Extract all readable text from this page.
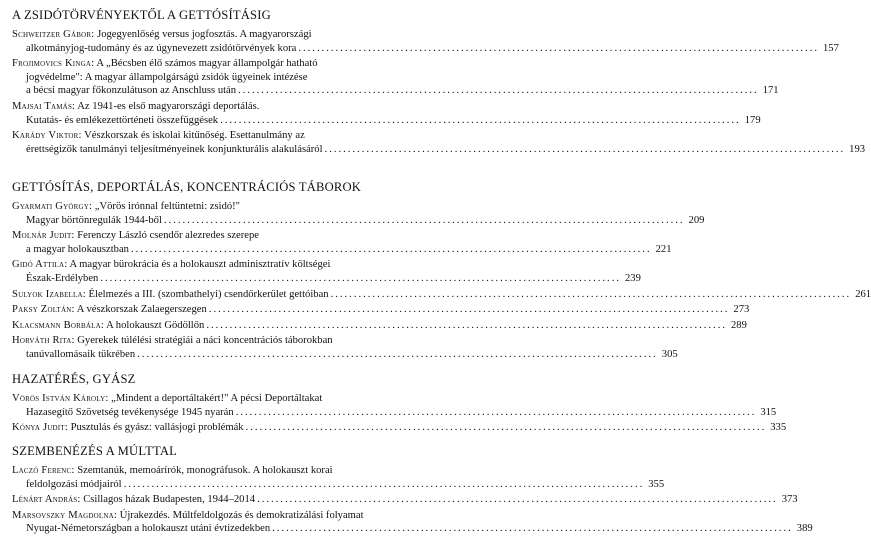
A ZSIDÓTÖRVÉNYEKTŐL A GETTÓSÍTÁSIG
Schweitzer Gábor: Jogegyenlőség versus jogfosztás. A magyarországi
alkotmányjog-tudomány és az úgynevezett zsidótörvények kora .....	157
Frojimovics Kinga: A „Bécsben élő számos magyar állampolgár hatható
jogvédelme": A magyar állampolgárságú zsidók ügyeinek intézése
a bécsi magyar főkonzulátuson az Anschluss után .....	171
Majsai Tamás: Az 1941-es első magyarországi deportálás.
Kutatás- és emlékezettörténeti összefüggések .....	179
Karády Viktor: Vészkorszak és iskolai kitűnőség. Esettanulmány az
érettségizők tanulmányi teljesítményeinek konjunkturális alakulásáról .....	193
GETTÓSÍTÁS, DEPORTÁLÁS, KONCENTRÁCIÓS TÁBOROK
Gyarmati György: „Vörös irónnal feltüntetni: zsidó!"
Magyar börtönregulák 1944-ből .....	209
Molnár Judit: Ferenczy László csendőr alezredes szerepe
a magyar holokausztban .....	221
Gidó Attila: A magyar bürokrácia és a holokauszt adminisztratív költségei
Észak-Erdélyben .....	239
Sulyok Izabella: Élelmezés a III. (szombathelyi) csendőrkerület gettóiban .....	261
Paksy Zoltán: A vészkorszak Zalaegerszegen .....	273
Klacsmann Borbála: A holokauszt Gödöllőn .....	289
Horváth Rita: Gyerekek túlélési stratégiái a náci koncentrációs táborokban
tanúvallomásaik tükrében .....	305
HAZATÉRÉS, GYÁSZ
Vörös István Károly: „Mindent a deportáltakért!" A pécsi Deportáltakat
Hazasegítő Szövetség tevékenysége 1945 nyarán .....	315
Kónya Judit: Pusztulás és gyász: vallásjogi problémák .....	335
SZEMBENÉZÉS A MÚLTTAL
Laczó Ferenc: Szemtanúk, memoárírók, monográfusok. A holokauszt korai
feldolgozási módjairól .....	355
Lénárt András: Csillagos házak Budapesten, 1944–2014 .....	373
Marsovszky Magdolna: Újrakezdés. Múltfeldolgozás és demokratizálási folyamat
Nyugat-Németországban a holokauszt utáni évtizedekben .....	389
